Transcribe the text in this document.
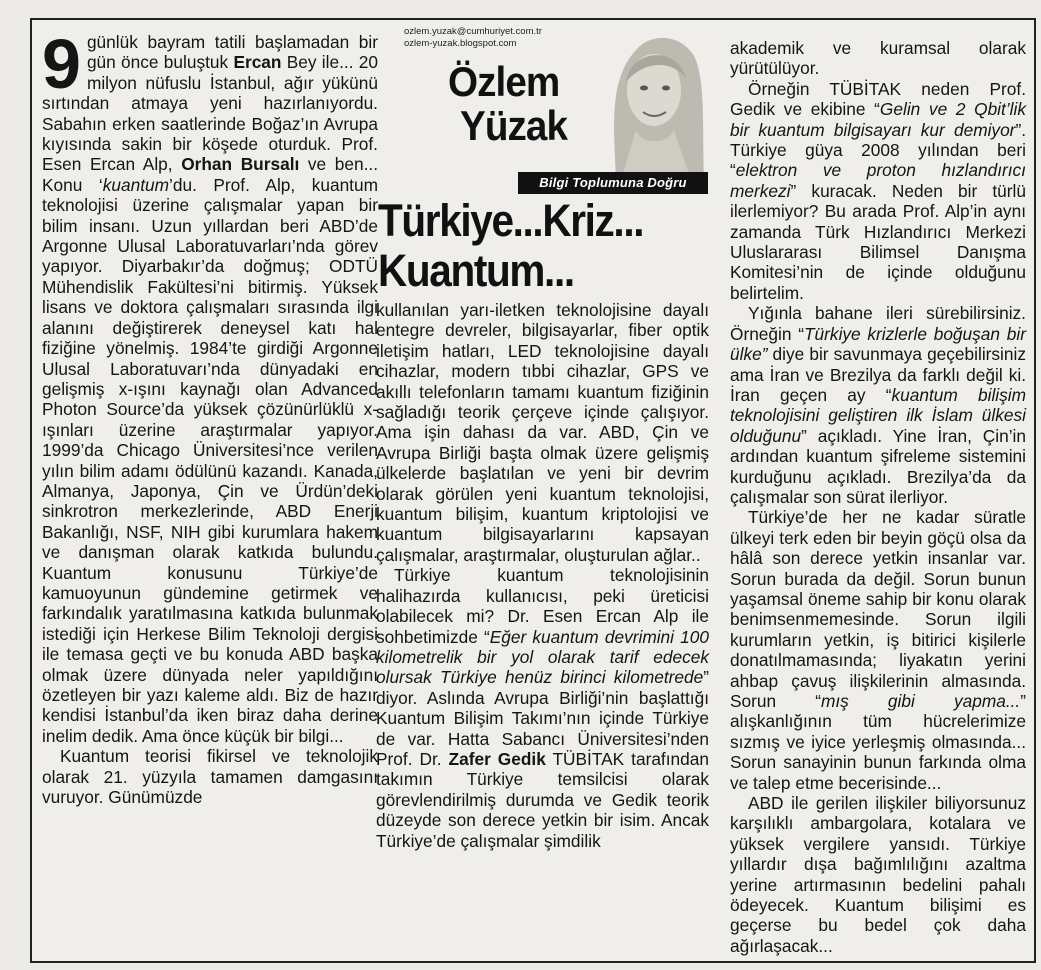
9 günlük bayram tatili başlamadan bir gün önce buluştuk Ercan Bey ile... 20 milyon nüfuslu İstanbul, ağır yükünü sırtından atmaya yeni hazırlanıyordu. Sabahın erken saatlerinde Boğaz’ın Avrupa kıyısında sakin bir köşede oturduk. Prof. Esen Ercan Alp, Orhan Bursalı ve ben... Konu ‘kuantum’du. Prof. Alp, kuantum teknolojisi üzerine çalışmalar yapan bir bilim insanı. Uzun yıllardan beri ABD’de Argonne Ulusal Laboratuvarları’nda görev yapıyor. Diyarbakır’da doğmuş; ODTÜ Mühendislik Fakültesi’ni bitirmiş. Yüksek lisans ve doktora çalışmaları sırasında ilgi alanını değiştirerek deneysel katı hal fiziğine yönelmiş. 1984’te girdiği Argonne Ulusal Laboratuvarı’nda dünyadaki en gelişmiş x-ışını kaynağı olan Advanced Photon Source’da yüksek çözünürlüklü x- ışınları üzerine araştırmalar yapıyor. 1999’da Chicago Üniversitesi’nce verilen yılın bilim adamı ödülünü kazandı. Kanada, Almanya, Japonya, Çin ve Ürdün’deki sinkrotron merkezlerinde, ABD Enerji Bakanlığı, NSF, NIH gibi kurumlara hakem ve danışman olarak katkıda bulundu. Kuantum konusunu Türkiye’de kamuoyunun gündemine getirmek ve farkındalık yaratılmasına katkıda bulunmak istediği için Herkese Bilim Teknoloji dergisi ile temasa geçti ve bu konuda ABD başka olmak üzere dünyada neler yapıldığını özetleyen bir yazı kaleme aldı. Biz de hazır kendisi İstanbul’da iken biraz daha derine inelim dedik. Ama önce küçük bir bilgi...

Kuantum teorisi fikirsel ve teknolojik olarak 21. yüzyıla tamamen damgasını vuruyor. Günümüzde

ozlem.yuzak@cumhuriyet.com.tr
ozlem-yuzak.blogspot.com
Özlem
Yüzak
Bilgi Toplumuna Doğru
Türkiye...Kriz...
Kuantum...

kullanılan yarı-iletken teknolojisine dayalı entegre devreler, bilgisayarlar, fiber optik iletişim hatları, LED teknolojisine dayalı cihazlar, modern tıbbi cihazlar, GPS ve akıllı telefonların tamamı kuantum fiziğinin sağladığı teorik çerçeve içinde çalışıyor. Ama işin dahası da var. ABD, Çin ve Avrupa Birliği başta olmak üzere gelişmiş ülkelerde başlatılan ve yeni bir devrim olarak görülen yeni kuantum teknolojisi, kuantum bilişim, kuantum kriptolojisi ve kuantum bilgisayarlarını kapsayan çalışmalar, araştırmalar, oluşturulan ağlar..

Türkiye kuantum teknolojisinin halihazırda kullanıcısı, peki üreticisi olabilecek mi? Dr. Esen Ercan Alp ile sohbetimizde “Eğer kuantum devrimini 100 kilometrelik bir yol olarak tarif edecek olursak Türkiye henüz birinci kilometrede” diyor. Aslında Avrupa Birliği’nin başlattığı Kuantum Bilişim Takımı’nın içinde Türkiye de var. Hatta Sabancı Üniversitesi’nden Prof. Dr. Zafer Gedik TÜBİTAK tarafından takımın Türkiye temsilcisi olarak görevlendirilmiş durumda ve Gedik teorik düzeyde son derece yetkin bir isim. Ancak Türkiye’de çalışmalar şimdilik

akademik ve kuramsal olarak yürütülüyor.

Örneğin TÜBİTAK neden Prof. Gedik ve ekibine “Gelin ve 2 Qbit’lik bir kuantum bilgisayarı kur demiyor”. Türkiye güya 2008 yılından beri “elektron ve proton hızlandırıcı merkezi” kuracak. Neden bir türlü ilerlemiyor? Bu arada Prof. Alp’in aynı zamanda Türk Hızlandırıcı Merkezi Uluslararası Bilimsel Danışma Komitesi’nin de içinde olduğunu belirtelim.

Yığınla bahane ileri sürebilirsiniz. Örneğin “Türkiye krizlerle boğuşan bir ülke” diye bir savunmaya geçebilirsiniz ama İran ve Brezilya da farklı değil ki. İran geçen ay “kuantum bilişim teknolojisini geliştiren ilk İslam ülkesi olduğunu” açıkladı. Yine İran, Çin’in ardından kuantum şifreleme sistemini kurduğunu açıkladı. Brezilya’da da çalışmalar son sürat ilerliyor.

Türkiye’de her ne kadar süratle ülkeyi terk eden bir beyin göçü olsa da hâlâ son derece yetkin insanlar var. Sorun burada da değil. Sorun bunun yaşamsal öneme sahip bir konu olarak benimsenmemesinde. Sorun ilgili kurumların yetkin, iş bitirici kişilerle donatılmamasında; liyakatın yerini ahbap çavuş ilişkilerinin almasında. Sorun “mış gibi yapma...” alışkanlığının tüm hücrelerimize sızmış ve iyice yerleşmiş olmasında... Sorun sanayinin bunun farkında olma ve talep etme becerisinde...

ABD ile gerilen ilişkiler biliyorsunuz karşılıklı ambargolara, kotalara ve yüksek vergilere yansıdı. Türkiye yıllardır dışa bağımlılığını azaltma yerine artırmasının bedelini pahalı ödeyecek. Kuantum bilişimi es geçerse bu bedel çok daha ağırlaşacak...
